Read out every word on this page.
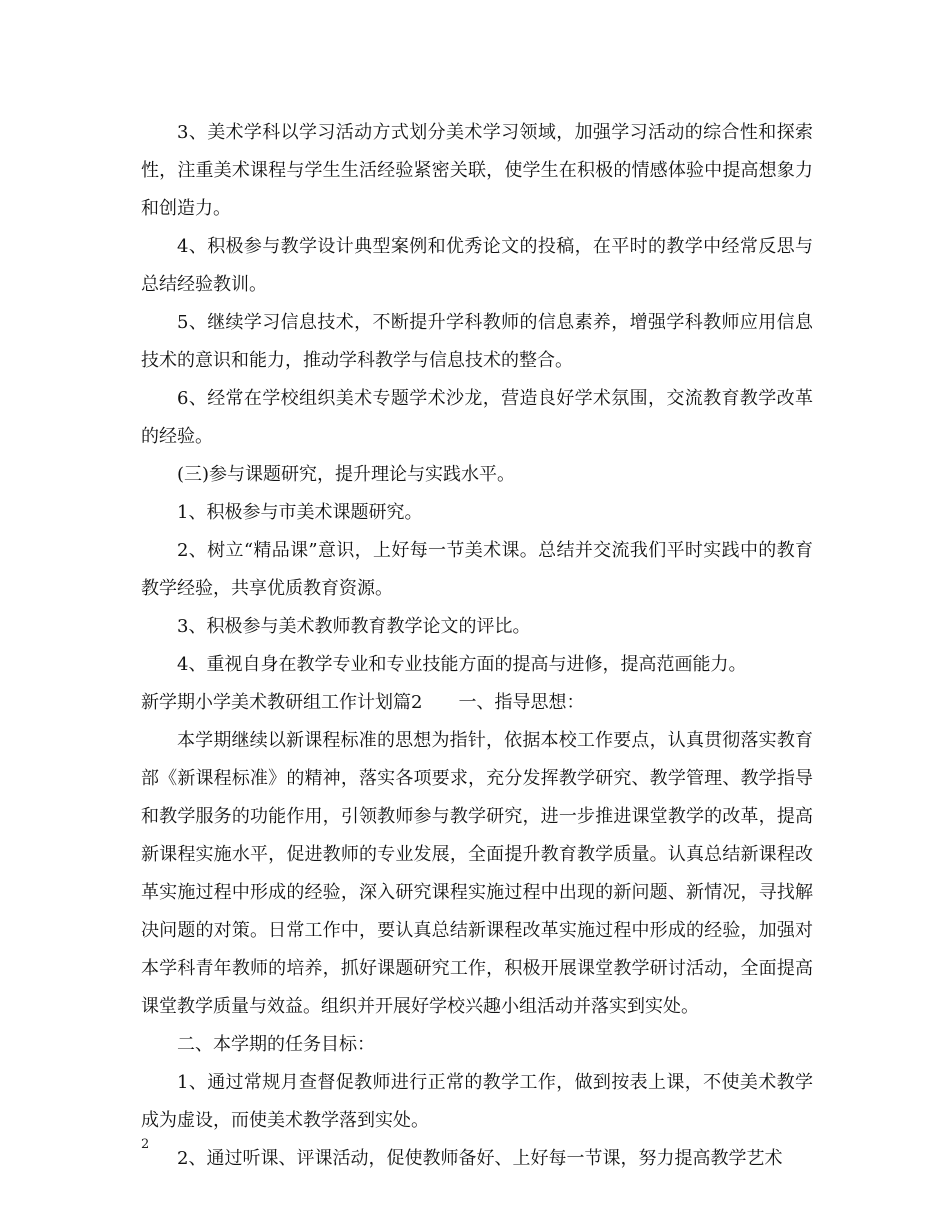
3、美术学科以学习活动方式划分美术学习领域，加强学习活动的综合性和探索性，注重美术课程与学生生活经验紧密关联，使学生在积极的情感体验中提高想象力和创造力。

4、积极参与教学设计典型案例和优秀论文的投稿，在平时的教学中经常反思与总结经验教训。

5、继续学习信息技术，不断提升学科教师的信息素养，增强学科教师应用信息技术的意识和能力，推动学科教学与信息技术的整合。

6、经常在学校组织美术专题学术沙龙，营造良好学术氛围，交流教育教学改革的经验。

(三)参与课题研究，提升理论与实践水平。

1、积极参与市美术课题研究。

2、树立“精品课”意识，上好每一节美术课。总结并交流我们平时实践中的教育教学经验，共享优质教育资源。

3、积极参与美术教师教育教学论文的评比。

4、重视自身在教学专业和专业技能方面的提高与进修，提高范画能力。

新学期小学美术教研组工作计划篇2　　一、指导思想：

本学期继续以新课程标准的思想为指针，依据本校工作要点，认真贯彻落实教育部《新课程标准》的精神，落实各项要求，充分发挥教学研究、教学管理、教学指导和教学服务的功能作用，引领教师参与教学研究，进一步推进课堂教学的改革，提高新课程实施水平，促进教师的专业发展，全面提升教育教学质量。认真总结新课程改革实施过程中形成的经验，深入研究课程实施过程中出现的新问题、新情况，寻找解决问题的对策。日常工作中，要认真总结新课程改革实施过程中形成的经验，加强对本学科青年教师的培养，抓好课题研究工作，积极开展课堂教学研讨活动，全面提高课堂教学质量与效益。组织并开展好学校兴趣小组活动并落实到实处。

二、本学期的任务目标：

1、通过常规月查督促教师进行正常的教学工作，做到按表上课，不使美术教学成为虚设，而使美术教学落到实处。

2、通过听课、评课活动，促使教师备好、上好每一节课，努力提高教学艺术

2
